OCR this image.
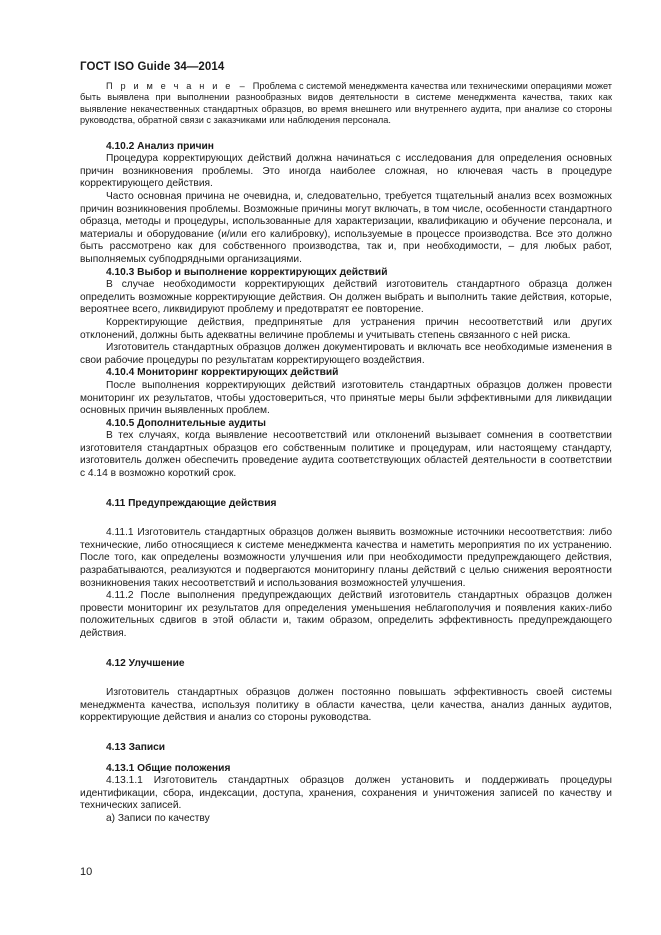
ГОСТ ISO Guide 34—2014

П р и м е ч а н и е – Проблема с системой менеджмента качества или техническими операциями может быть выявлена при выполнении разнообразных видов деятельности в системе менеджмента качества, таких как выявление некачественных стандартных образцов, во время внешнего или внутреннего аудита, при анализе со стороны руководства, обратной связи с заказчиками или наблюдения персонала.

4.10.2 Анализ причин

Процедура корректирующих действий должна начинаться с исследования для определения основных причин возникновения проблемы. Это иногда наиболее сложная, но ключевая часть в процедуре корректирующего действия.

Часто основная причина не очевидна, и, следовательно, требуется тщательный анализ всех возможных причин возникновения проблемы. Возможные причины могут включать, в том числе, особенности стандартного образца, методы и процедуры, использованные для характеризации, квалификацию и обучение персонала, и материалы и оборудование (и/или его калибровку), используемые в процессе производства. Все это должно быть рассмотрено как для собственного производства, так и, при необходимости, – для любых работ, выполняемых субподрядными организациями.

4.10.3 Выбор и выполнение корректирующих действий

В случае необходимости корректирующих действий изготовитель стандартного образца должен определить возможные корректирующие действия. Он должен выбрать и выполнить такие действия, которые, вероятнее всего, ликвидируют проблему и предотвратят ее повторение.

Корректирующие действия, предпринятые для устранения причин несоответствий или других отклонений, должны быть адекватны величине проблемы и учитывать степень связанного с ней риска.

Изготовитель стандартных образцов должен документировать и включать все необходимые изменения в свои рабочие процедуры по результатам корректирующего воздействия.

4.10.4 Мониторинг корректирующих действий

После выполнения корректирующих действий изготовитель стандартных образцов должен провести мониторинг их результатов, чтобы удостовериться, что принятые меры были эффективными для ликвидации основных причин выявленных проблем.

4.10.5 Дополнительные аудиты

В тех случаях, когда выявление несоответствий или отклонений вызывает сомнения в соответствии изготовителя стандартных образцов его собственным политике и процедурам, или настоящему стандарту, изготовитель должен обеспечить проведение аудита соответствующих областей деятельности в соответствии с 4.14 в возможно короткий срок.

4.11 Предупреждающие действия

4.11.1 Изготовитель стандартных образцов должен выявить возможные источники несоответствия: либо технические, либо относящиеся к системе менеджмента качества и наметить мероприятия по их устранению. После того, как определены возможности улучшения или при необходимости предупреждающего действия, разрабатываются, реализуются и подвергаются мониторингу планы действий с целью снижения вероятности возникновения таких несоответствий и использования возможностей улучшения.

4.11.2 После выполнения предупреждающих действий изготовитель стандартных образцов должен провести мониторинг их результатов для определения уменьшения неблагополучия и появления каких-либо положительных сдвигов в этой области и, таким образом, определить эффективность предупреждающего действия.

4.12 Улучшение

Изготовитель стандартных образцов должен постоянно повышать эффективность своей системы менеджмента качества, используя политику в области качества, цели качества, анализ данных аудитов, корректирующие действия и анализ со стороны руководства.

4.13 Записи

4.13.1 Общие положения

4.13.1.1 Изготовитель стандартных образцов должен установить и поддерживать процедуры идентификации, сбора, индексации, доступа, хранения, сохранения и уничтожения записей по качеству и технических записей.

а) Записи по качеству

10
